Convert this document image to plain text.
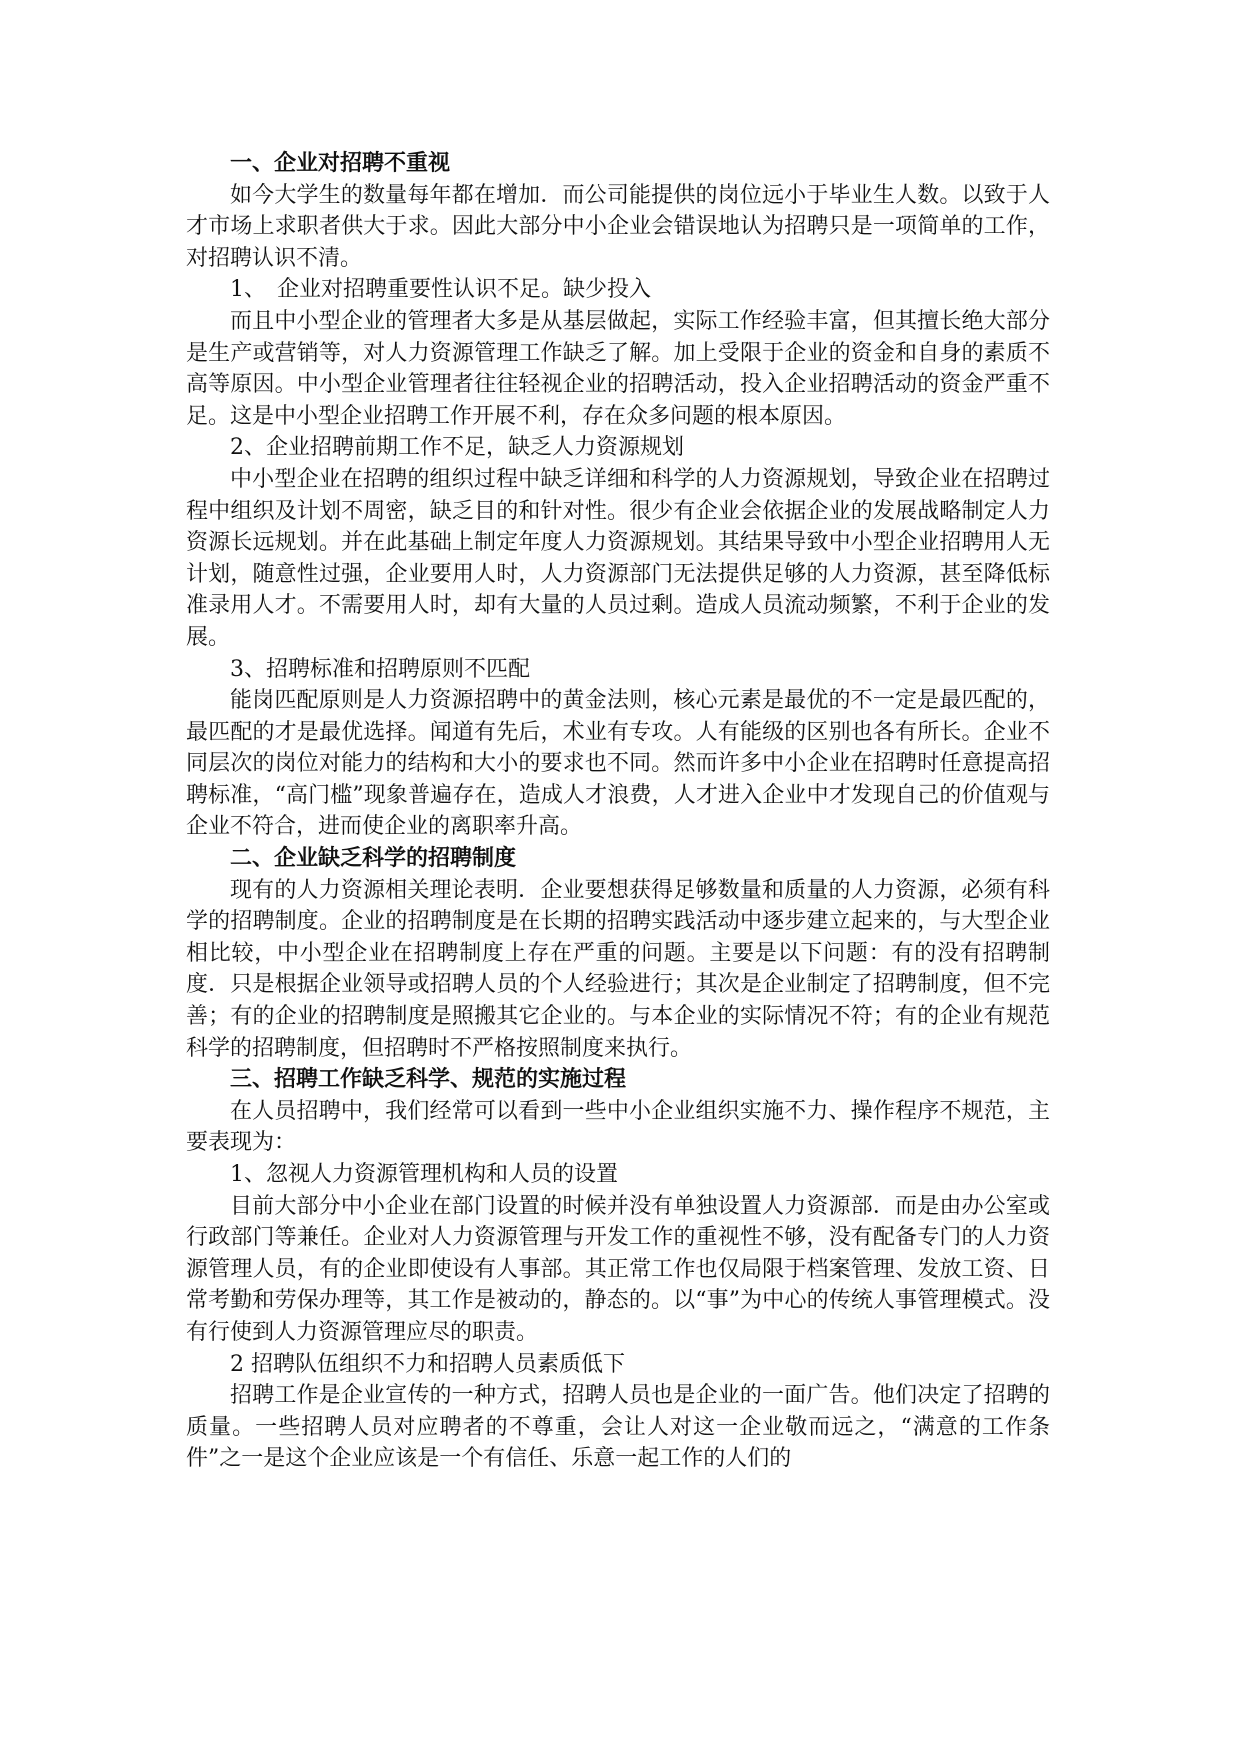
一、企业对招聘不重视

如今大学生的数量每年都在增加．而公司能提供的岗位远小于毕业生人数。以致于人才市场上求职者供大于求。因此大部分中小企业会错误地认为招聘只是一项简单的工作，对招聘认识不清。

1、　企业对招聘重要性认识不足。缺少投入

而且中小型企业的管理者大多是从基层做起，实际工作经验丰富，但其擅长绝大部分是生产或营销等，对人力资源管理工作缺乏了解。加上受限于企业的资金和自身的素质不高等原因。中小型企业管理者往往轻视企业的招聘活动，投入企业招聘活动的资金严重不足。这是中小型企业招聘工作开展不利，存在众多问题的根本原因。

2、企业招聘前期工作不足，缺乏人力资源规划

中小型企业在招聘的组织过程中缺乏详细和科学的人力资源规划，导致企业在招聘过程中组织及计划不周密，缺乏目的和针对性。很少有企业会依据企业的发展战略制定人力资源长远规划。并在此基础上制定年度人力资源规划。其结果导致中小型企业招聘用人无计划，随意性过强，企业要用人时，人力资源部门无法提供足够的人力资源，甚至降低标准录用人才。不需要用人时，却有大量的人员过剩。造成人员流动频繁，不利于企业的发展。

3、招聘标准和招聘原则不匹配

能岗匹配原则是人力资源招聘中的黄金法则，核心元素是最优的不一定是最匹配的，最匹配的才是最优选择。闻道有先后，术业有专攻。人有能级的区别也各有所长。企业不同层次的岗位对能力的结构和大小的要求也不同。然而许多中小企业在招聘时任意提高招聘标准，“高门槛”现象普遍存在，造成人才浪费，人才进入企业中才发现自己的价值观与企业不符合，进而使企业的离职率升高。

二、企业缺乏科学的招聘制度

现有的人力资源相关理论表明．企业要想获得足够数量和质量的人力资源，必须有科学的招聘制度。企业的招聘制度是在长期的招聘实践活动中逐步建立起来的，与大型企业相比较，中小型企业在招聘制度上存在严重的问题。主要是以下问题：有的没有招聘制度．只是根据企业领导或招聘人员的个人经验进行；其次是企业制定了招聘制度，但不完善；有的企业的招聘制度是照搬其它企业的。与本企业的实际情况不符；有的企业有规范科学的招聘制度，但招聘时不严格按照制度来执行。

三、招聘工作缺乏科学、规范的实施过程

在人员招聘中，我们经常可以看到一些中小企业组织实施不力、操作程序不规范，主要表现为：

1、忽视人力资源管理机构和人员的设置

目前大部分中小企业在部门设置的时候并没有单独设置人力资源部．而是由办公室或行政部门等兼任。企业对人力资源管理与开发工作的重视性不够，没有配备专门的人力资源管理人员，有的企业即使设有人事部。其正常工作也仅局限于档案管理、发放工资、日常考勤和劳保办理等，其工作是被动的，静态的。以“事”为中心的传统人事管理模式。没有行使到人力资源管理应尽的职责。

2 招聘队伍组织不力和招聘人员素质低下

招聘工作是企业宣传的一种方式，招聘人员也是企业的一面广告。他们决定了招聘的质量。一些招聘人员对应聘者的不尊重，会让人对这一企业敬而远之，“满意的工作条件”之一是这个企业应该是一个有信任、乐意一起工作的人们的
